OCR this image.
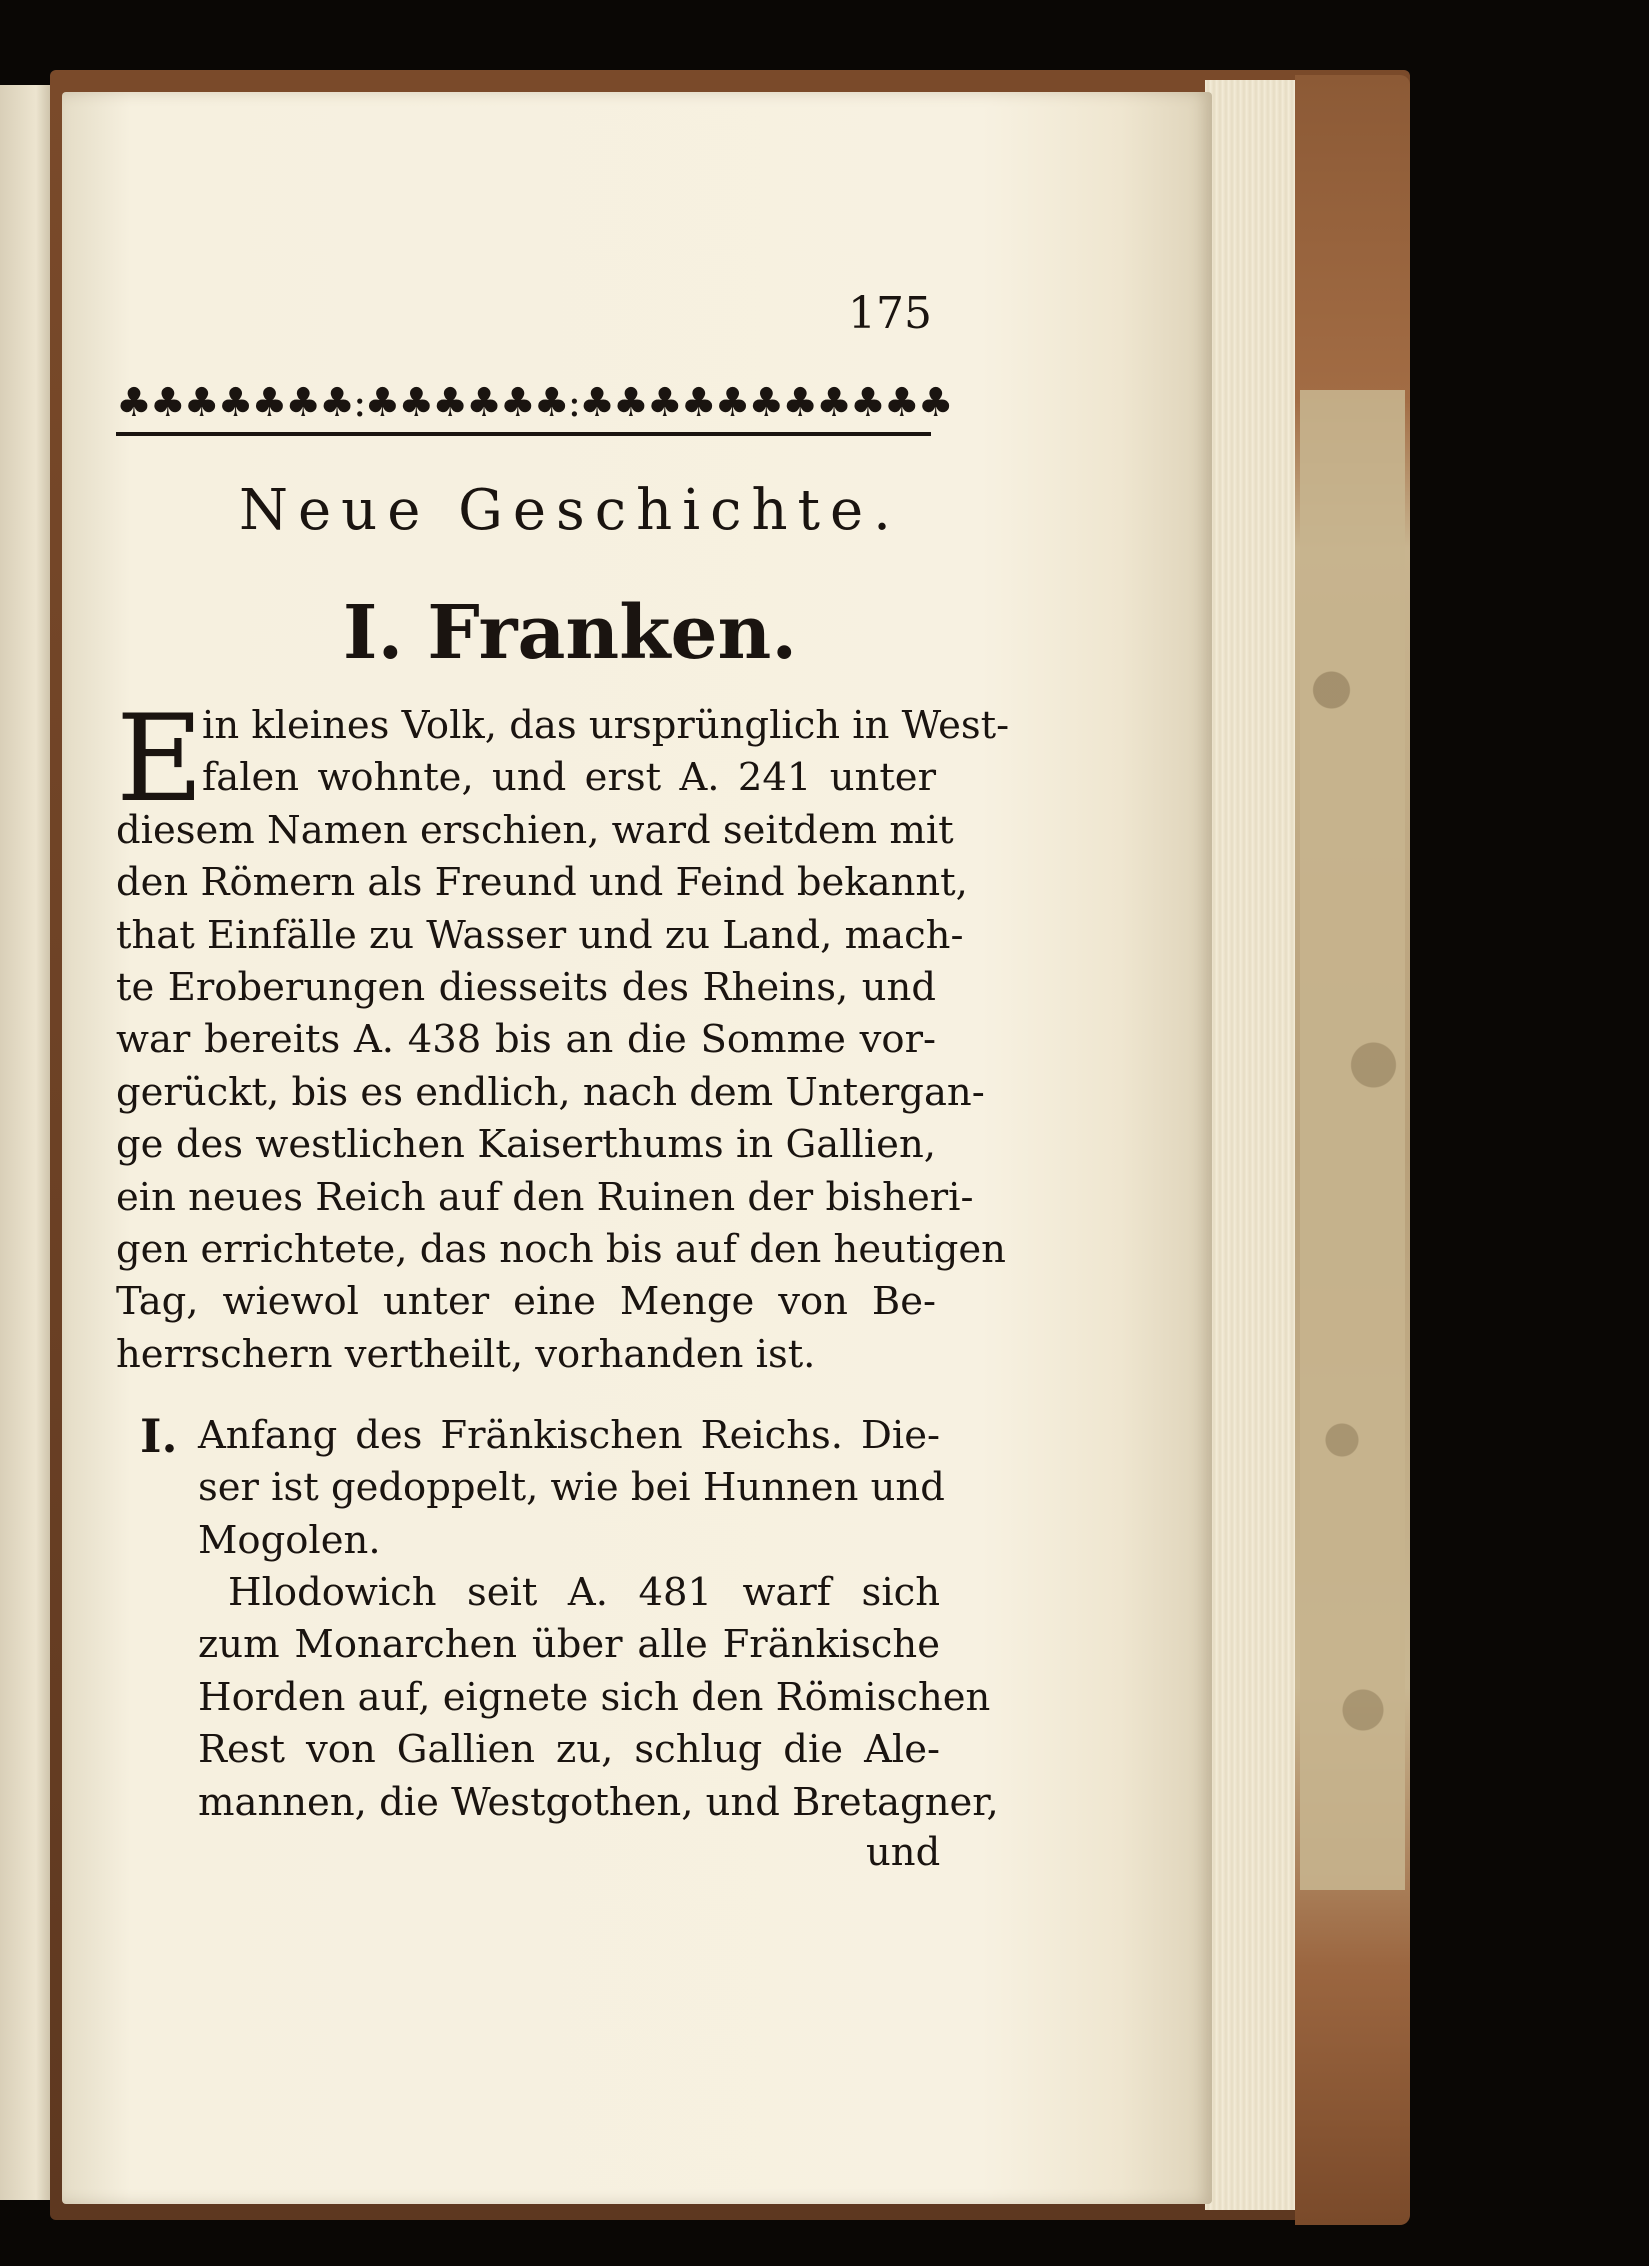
175
♣♣♣♣♣♣♣:♣♣♣♣♣♣:♣♣♣♣♣♣♣♣♣♣♣
Neue Geschichte.
I. Franken.
E
in kleines Volk, das ursprünglich in West-
falen wohnte, und erst A. 241 unter
diesem Namen erschien, ward seitdem mit
den Römern als Freund und Feind bekannt,
that Einfälle zu Wasser und zu Land, mach-
te Eroberungen diesseits des Rheins, und
war bereits A. 438 bis an die Somme vor-
gerückt, bis es endlich, nach dem Untergan-
ge des westlichen Kaiserthums in Gallien,
ein neues Reich auf den Ruinen der bisheri-
gen errichtete, das noch bis auf den heutigen
Tag, wiewol unter eine Menge von Be-
herrschern vertheilt, vorhanden ist.
I. Anfang des Fränkischen Reichs. Die-
ser ist gedoppelt, wie bei Hunnen und
Mogolen.
Hlodowich seit A. 481 warf sich
zum Monarchen über alle Fränkische
Horden auf, eignete sich den Römischen
Rest von Gallien zu, schlug die Ale-
mannen, die Westgothen, und Bretagner,
und
